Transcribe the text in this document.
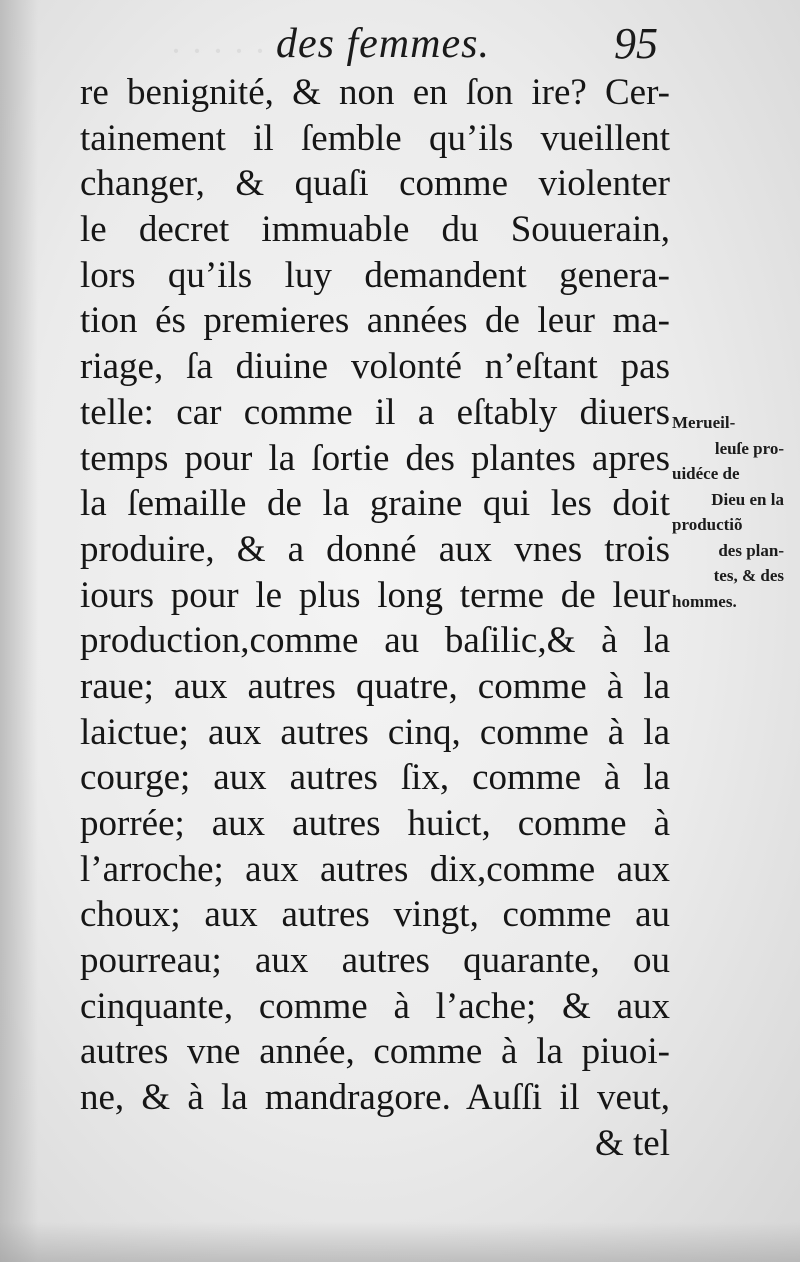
· · · · · des femmes.	95
re benignité, & non en ſon ire? Cer-
tainement il ſemble qu’ils vueillent
changer, & quaſi comme violenter
le decret immuable du Souuerain,
lors qu’ils luy demandent genera-
tion és premieres années de leur ma-
riage, ſa diuine volonté n’eſtant pas
telle: car comme il a eſtably diuers
temps pour la ſortie des plantes apres
la ſemaille de la graine qui les doit
produire, & a donné aux vnes trois
iours pour le plus long terme de leur
production,comme au baſilic,& à la
raue; aux autres quatre, comme à la
laictue; aux autres cinq, comme à la
courge; aux autres ſix, comme à la
porrée; aux autres huict, comme à
l’arroche; aux autres dix,comme aux
choux; aux autres vingt, comme au
pourreau; aux autres quarante, ou
cinquante, comme à l’ache; & aux
autres vne année, comme à la piuoi-
ne, & à la mandragore. Auſſi il veut,
& tel
Merueil-
leuſe pro-
uidéce de
Dieu en la
productiõ
des plan-
tes, & des
hommes.
